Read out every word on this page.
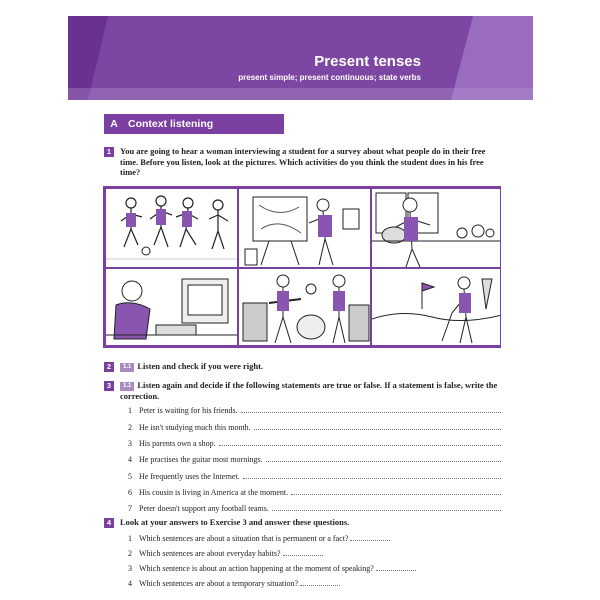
Present tenses
present simple; present continuous; state verbs 1
A Context listening
1	You are going to hear a woman interviewing a student for a survey about what people do in their free time. Before you listen, look at the pictures. Which activities do you think the student does in his free time?
2	1.1 Listen and check if you were right.
3	1.1 Listen again and decide if the following statements are true or false. If a statement is false, write the correction.
1 Peter is waiting for his friends.
2 He isn't studying much this month.
3 His parents own a shop.
4 He practises the guitar most mornings.
5 He frequently uses the Internet.
6 His cousin is living in America at the moment.
7 Peter doesn't support any football teams.
4	Look at your answers to Exercise 3 and answer these questions.
1 Which sentences are about a situation that is permanent or a fact?
2 Which sentences are about everyday habits?
3 Which sentence is about an action happening at the moment of speaking?
4 Which sentences are about a temporary situation?
